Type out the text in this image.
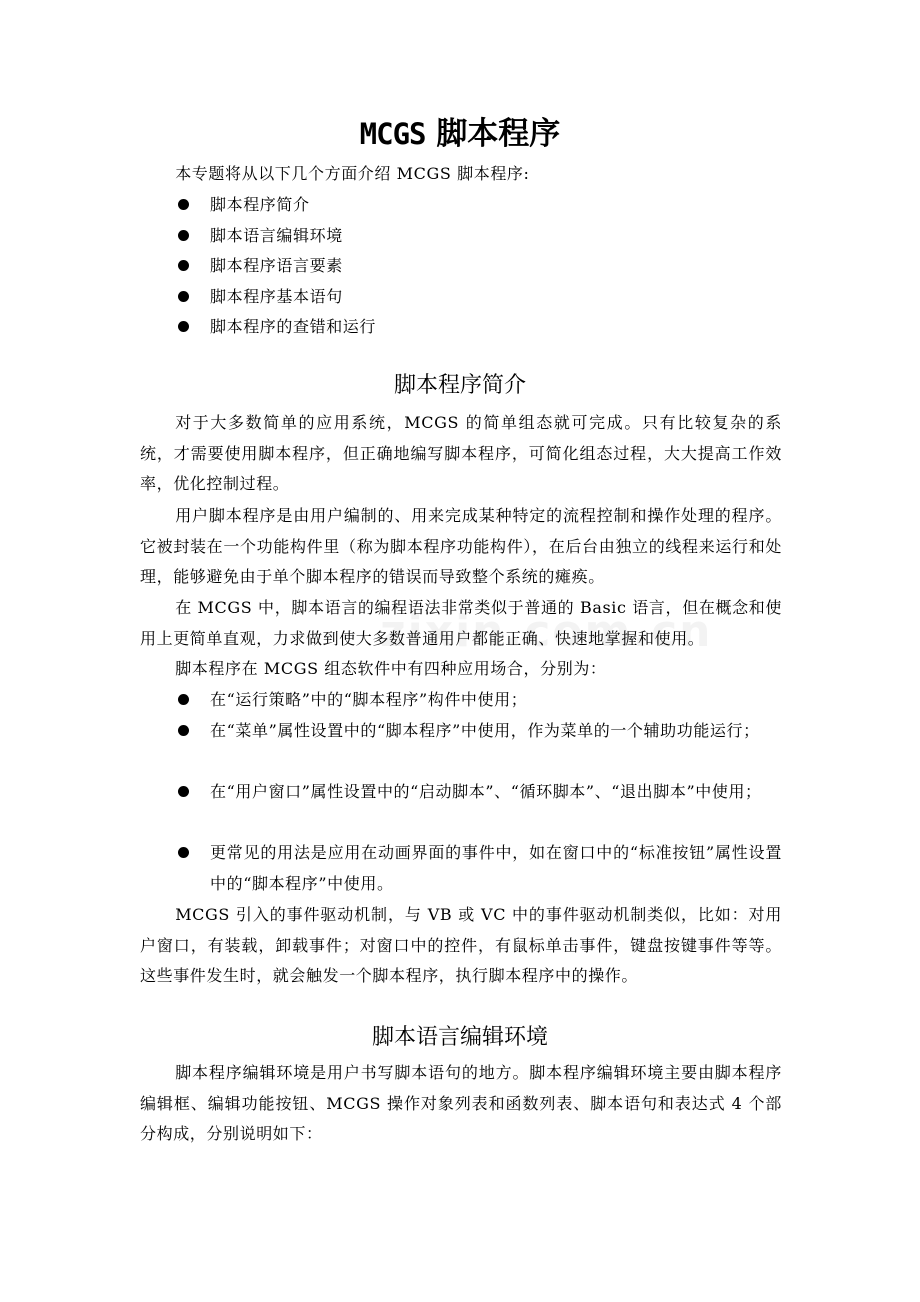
MCGS 脚本程序

本专题将从以下几个方面介绍 MCGS 脚本程序:

脚本程序简介
脚本语言编辑环境
脚本程序语言要素
脚本程序基本语句
脚本程序的查错和运行
脚本程序简介

对于大多数简单的应用系统，MCGS 的简单组态就可完成。只有比较复杂的系统，才需要使用脚本程序，但正确地编写脚本程序，可简化组态过程，大大提高工作效率，优化控制过程。

用户脚本程序是由用户编制的、用来完成某种特定的流程控制和操作处理的程序。它被封装在一个功能构件里（称为脚本程序功能构件），在后台由独立的线程来运行和处理，能够避免由于单个脚本程序的错误而导致整个系统的瘫痪。

在 MCGS 中，脚本语言的编程语法非常类似于普通的 Basic 语言，但在概念和使用上更简单直观，力求做到使大多数普通用户都能正确、快速地掌握和使用。

脚本程序在 MCGS 组态软件中有四种应用场合，分别为：

在“运行策略”中的“脚本程序”构件中使用；
在“菜单”属性设置中的“脚本程序”中使用，作为菜单的一个辅助功能运行；
在“用户窗口”属性设置中的“启动脚本”、“循环脚本”、“退出脚本”中使用；
更常见的用法是应用在动画界面的事件中，如在窗口中的“标准按钮”属性设置中的“脚本程序”中使用。

MCGS 引入的事件驱动机制，与 VB 或 VC 中的事件驱动机制类似，比如：对用户窗口，有装载，卸载事件；对窗口中的控件，有鼠标单击事件，键盘按键事件等等。这些事件发生时，就会触发一个脚本程序，执行脚本程序中的操作。

脚本语言编辑环境

脚本程序编辑环境是用户书写脚本语句的地方。脚本程序编辑环境主要由脚本程序编辑框、编辑功能按钮、MCGS 操作对象列表和函数列表、脚本语句和表达式 4 个部分构成，分别说明如下：
